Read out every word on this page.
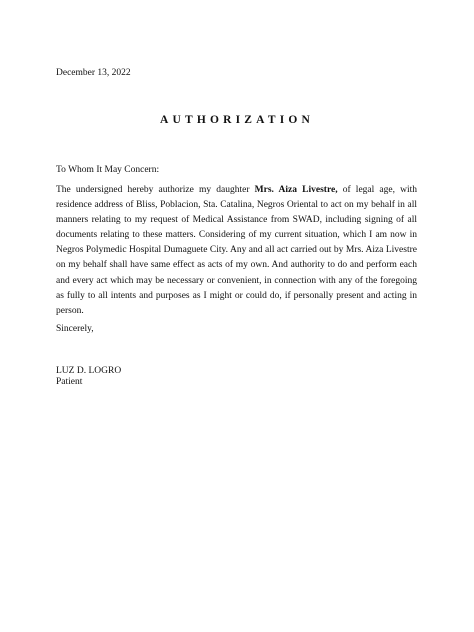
December 13, 2022
AUTHORIZATION
To Whom It May Concern:
The undersigned hereby authorize my daughter Mrs. Aiza Livestre, of legal age, with residence address of Bliss, Poblacion, Sta. Catalina, Negros Oriental to act on my behalf in all manners relating to my request of Medical Assistance from SWAD, including signing of all documents relating to these matters. Considering of my current situation, which I am now in Negros Polymedic Hospital Dumaguete City. Any and all act carried out by Mrs. Aiza Livestre on my behalf shall have same effect as acts of my own. And authority to do and perform each and every act which may be necessary or convenient, in connection with any of the foregoing as fully to all intents and purposes as I might or could do, if personally present and acting in person.
Sincerely,
LUZ D. LOGRO
Patient
